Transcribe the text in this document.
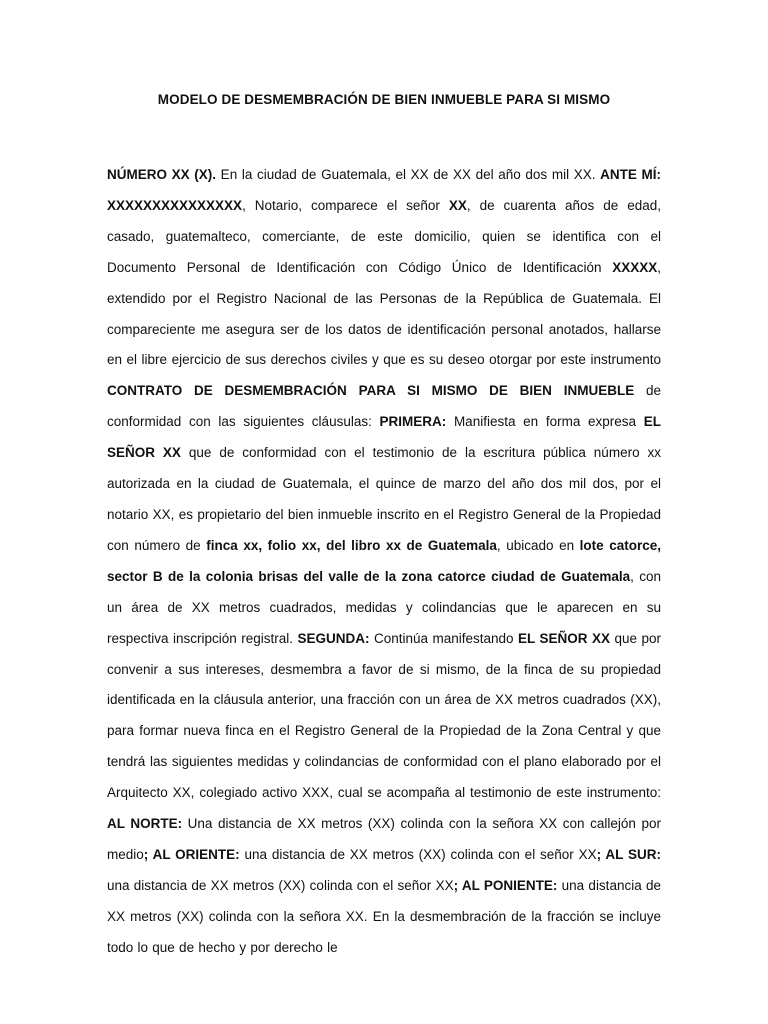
MODELO DE DESMEMBRACIÓN DE BIEN INMUEBLE PARA SI MISMO

NÚMERO XX (X). En la ciudad de Guatemala, el XX de XX del año dos mil XX. ANTE MÍ: XXXXXXXXXXXXXXX, Notario, comparece el señor XX, de cuarenta años de edad, casado, guatemalteco, comerciante, de este domicilio, quien se identifica con el Documento Personal de Identificación con Código Único de Identificación XXXXX, extendido por el Registro Nacional de las Personas de la República de Guatemala. El compareciente me asegura ser de los datos de identificación personal anotados, hallarse en el libre ejercicio de sus derechos civiles y que es su deseo otorgar por este instrumento CONTRATO DE DESMEMBRACIÓN PARA SI MISMO DE BIEN INMUEBLE de conformidad con las siguientes cláusulas: PRIMERA: Manifiesta en forma expresa EL SEÑOR XX que de conformidad con el testimonio de la escritura pública número xx autorizada en la ciudad de Guatemala, el quince de marzo del año dos mil dos, por el notario XX, es propietario del bien inmueble inscrito en el Registro General de la Propiedad con número de finca xx, folio xx, del libro xx de Guatemala, ubicado en lote catorce, sector B de la colonia brisas del valle de la zona catorce ciudad de Guatemala, con un área de XX metros cuadrados, medidas y colindancias que le aparecen en su respectiva inscripción registral. SEGUNDA: Continúa manifestando EL SEÑOR XX que por convenir a sus intereses, desmembra a favor de si mismo, de la finca de su propiedad identificada en la cláusula anterior, una fracción con un área de XX metros cuadrados (XX), para formar nueva finca en el Registro General de la Propiedad de la Zona Central y que tendrá las siguientes medidas y colindancias de conformidad con el plano elaborado por el Arquitecto XX, colegiado activo XXX, cual se acompaña al testimonio de este instrumento: AL NORTE: Una distancia de XX metros (XX) colinda con la señora XX con callejón por medio; AL ORIENTE: una distancia de XX metros (XX) colinda con el señor XX; AL SUR: una distancia de XX metros (XX) colinda con el señor XX; AL PONIENTE: una distancia de XX metros (XX) colinda con la señora XX. En la desmembración de la fracción se incluye todo lo que de hecho y por derecho le
